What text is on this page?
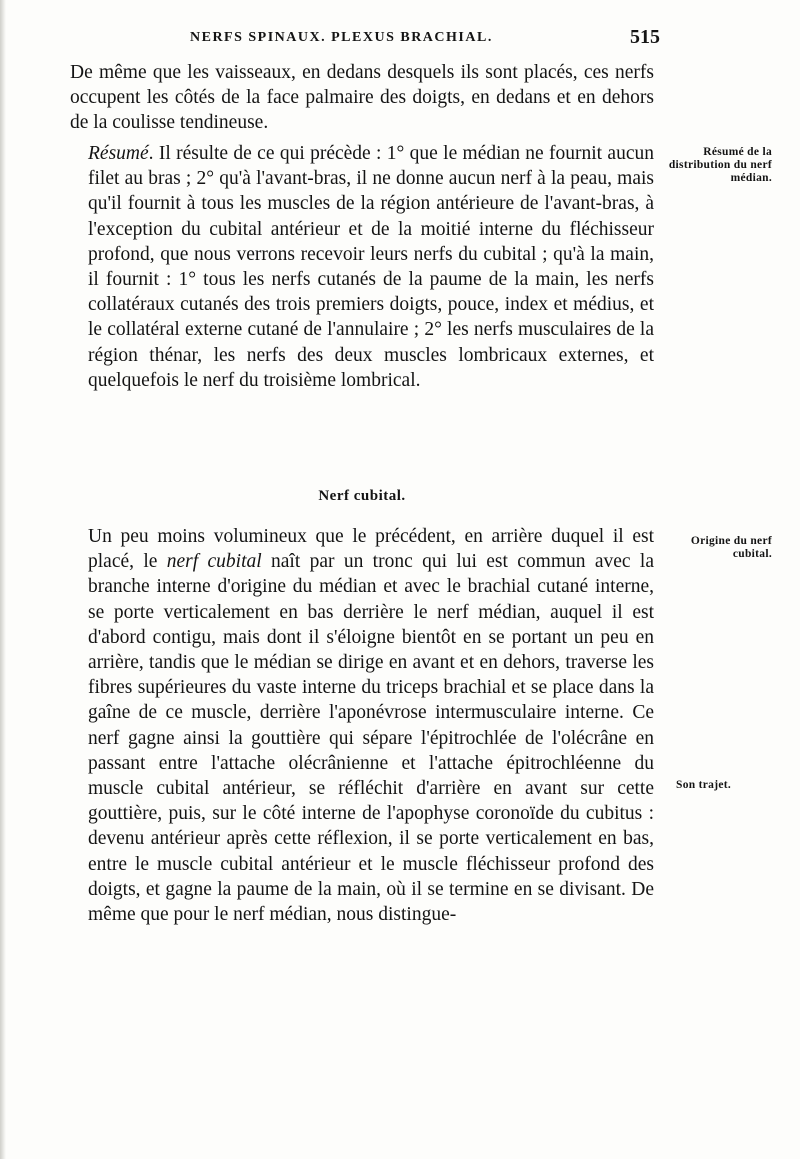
NERFS SPINAUX. PLEXUS BRACHIAL.	515

De même que les vaisseaux, en dedans desquels ils sont placés, ces nerfs occupent les côtés de la face palmaire des doigts, en dedans et en dehors de la coulisse tendineuse.

Résumé. Il résulte de ce qui précède : 1° que le médian ne fournit aucun filet au bras ; 2° qu'à l'avant-bras, il ne donne aucun nerf à la peau, mais qu'il fournit à tous les muscles de la région antérieure de l'avant-bras, à l'exception du cubital antérieur et de la moitié interne du fléchisseur profond, que nous verrons recevoir leurs nerfs du cubital ; qu'à la main, il fournit : 1° tous les nerfs cutanés de la paume de la main, les nerfs collatéraux cutanés des trois premiers doigts, pouce, index et médius, et le collatéral externe cutané de l'annulaire ; 2° les nerfs musculaires de la région thénar, les nerfs des deux muscles lombricaux externes, et quelquefois le nerf du troisième lombrical.

Nerf cubital.

Un peu moins volumineux que le précédent, en arrière duquel il est placé, le nerf cubital naît par un tronc qui lui est commun avec la branche interne d'origine du médian et avec le brachial cutané interne, se porte verticalement en bas derrière le nerf médian, auquel il est d'abord contigu, mais dont il s'éloigne bientôt en se portant un peu en arrière, tandis que le médian se dirige en avant et en dehors, traverse les fibres supérieures du vaste interne du triceps brachial et se place dans la gaîne de ce muscle, derrière l'aponévrose intermusculaire interne. Ce nerf gagne ainsi la gouttière qui sépare l'épitrochlée de l'olécrâne en passant entre l'attache olécrânienne et l'attache épitrochléenne du muscle cubital antérieur, se réfléchit d'arrière en avant sur cette gouttière, puis, sur le côté interne de l'apophyse coronoïde du cubitus : devenu antérieur après cette réflexion, il se porte verticalement en bas, entre le muscle cubital antérieur et le muscle fléchisseur profond des doigts, et gagne la paume de la main, où il se termine en se divisant. De même que pour le nerf médian, nous distingue-

Résumé de la distribution du nerf médian.
Origine du nerf cubital.
Son trajet.
